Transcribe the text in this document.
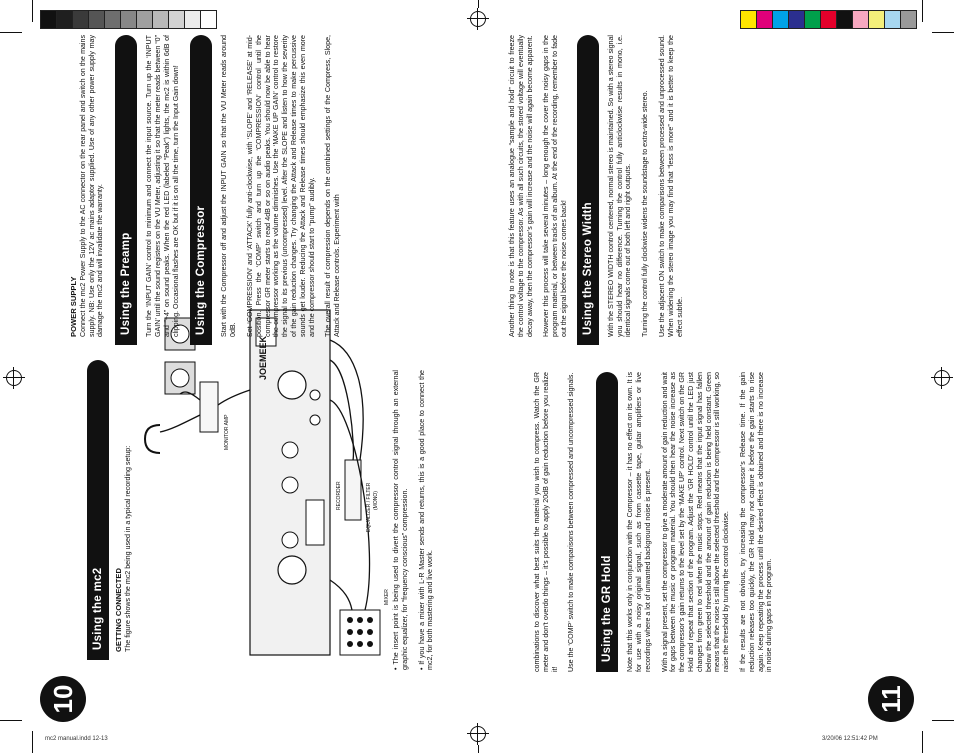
10	11
Using the mc2	GETTING CONNECTED The figure shows the mc2 being used in a typical recording setup:

MONITOR AMP
EQUALIZER / FILTER (MONO)
RECORDER
MIXER
JOEMEEK

• The insert point is being used to divert the compressor control signal through an external graphic equalizer, for “frequency conscious” compression. • If you have a mixer with L-R Master sends and returns, this is a good place to connect the mc2, for both mastering and live work.	combinations to discover what best suits the material you wish to compress. Watch the GR meter and don’t overdo things – it’s possible to apply 20dB of gain reduction before you realize it! Use the ‘COMP’ switch to make comparisons between compressed and uncompressed signals.	Using the GR Hold	Note that this works only in conjunction with the Compressor – it has no effect on its own. It is for use with a noisy original signal, such as from cassette tape, guitar amplifiers or live recordings where a lot of unwanted background noise is present. With a signal present, set the compressor to give a moderate amount of gain reduction and wait for gaps between the music or program material. You should then hear the noise increase as the compressor’s gain returns to the level set by the ‘MAKE UP’ control. Next switch on the GR Hold and repeat that section of the program. Adjust the ‘GR HOLD’ control until the LED just changes from green to red when the music stops. Red means that the input signal has fallen below the selected threshold and the amount of gain reduction is being held constant. Green means that the noise is still above the selected threshold and the compressor is still working, so raise the threshold by turning the control clockwise. If the results are not obvious, try increasing the compressor’s Release time. If the gain reduction releases too quickly, the GR Hold may not capture it before the gain starts to rise again. Keep repeating the process until the desired effect is obtained and there is no increase in noise during gaps in the program.

POWER SUPPLY Connect the mc2 Power Supply to the AC connector on the rear panel and switch on the mains supply. NB: Use only the 12V ac mains adaptor supplied. Use of any other power supply may damage the mc2 and will invalidate the warranty.	Using the Preamp	Turn the ‘INPUT GAIN’ control to minimum and connect the input source. Turn up the ‘INPUT GAIN’ until the sound registers on the VU Meter, adjusting it so that the meter reads between “0” and “+4” on sound peaks. When the red LED (labeled “Peak”) lights, the mc2 is within 6dB of clipping. Occasional flashes are OK but if it is on all the time, turn the Input Gain down!	Using the Compressor	Start with the Compressor off and adjust the INPUT GAIN so that the VU Meter reads around 0dB. Set ‘COMPRESSION’ and ‘ATTACK’ fully anti-clockwise, with ‘SLOPE’ and ‘RELEASE’ at mid-position. Press the ‘COMP’ switch and turn up the ‘COMPRESSION’ control until the compressor GR meter starts to read 4dB or so on audio peaks. You should now be able to hear the compressor working as the volume diminishes. Use the ‘MAKE UP GAIN’ control to restore the signal to its previous (uncompressed) level. After the SLOPE and listen to how the severity of the gain reduction changes. Try changing the Attack and Release times to make percussive sounds get louder. Reducing the Attack and Release times should emphasize this even more and the compressor should start to “pump” audibly. The overall result of compression depends on the combined settings of the Compress, Slope, Attack and Release controls. Experiment with	Another thing to note is that this feature uses an analogue “sample and hold” circuit to freeze the control voltage to the compressor. As with all such circuits, the stored voltage will eventually decay away, then the compressor’s gain will increase and the noise will again become apparent. However this process will take several minutes – long enough the cover the noisy gaps in the program material, or between tracks of an album. At the end of the recording, remember to fade out the signal before the noise comes back!	Using the Stereo Width	With the STEREO WIDTH control centered, normal stereo is maintained. So with a stereo signal you should hear no difference. Turning the control fully anticlockwise results in mono, i.e. identical signals come out of both left and right outputs. Turning the control fully clockwise widens the soundstage to extra-wide stereo. Use the adjacent ON switch to make comparisons between processed and unprocessed sound. When widening the stereo image you may find that “less is more” and it is better to keep the effect subtle.

mc2 manual.indd 12-13	3/20/06 12:51:42 PM
